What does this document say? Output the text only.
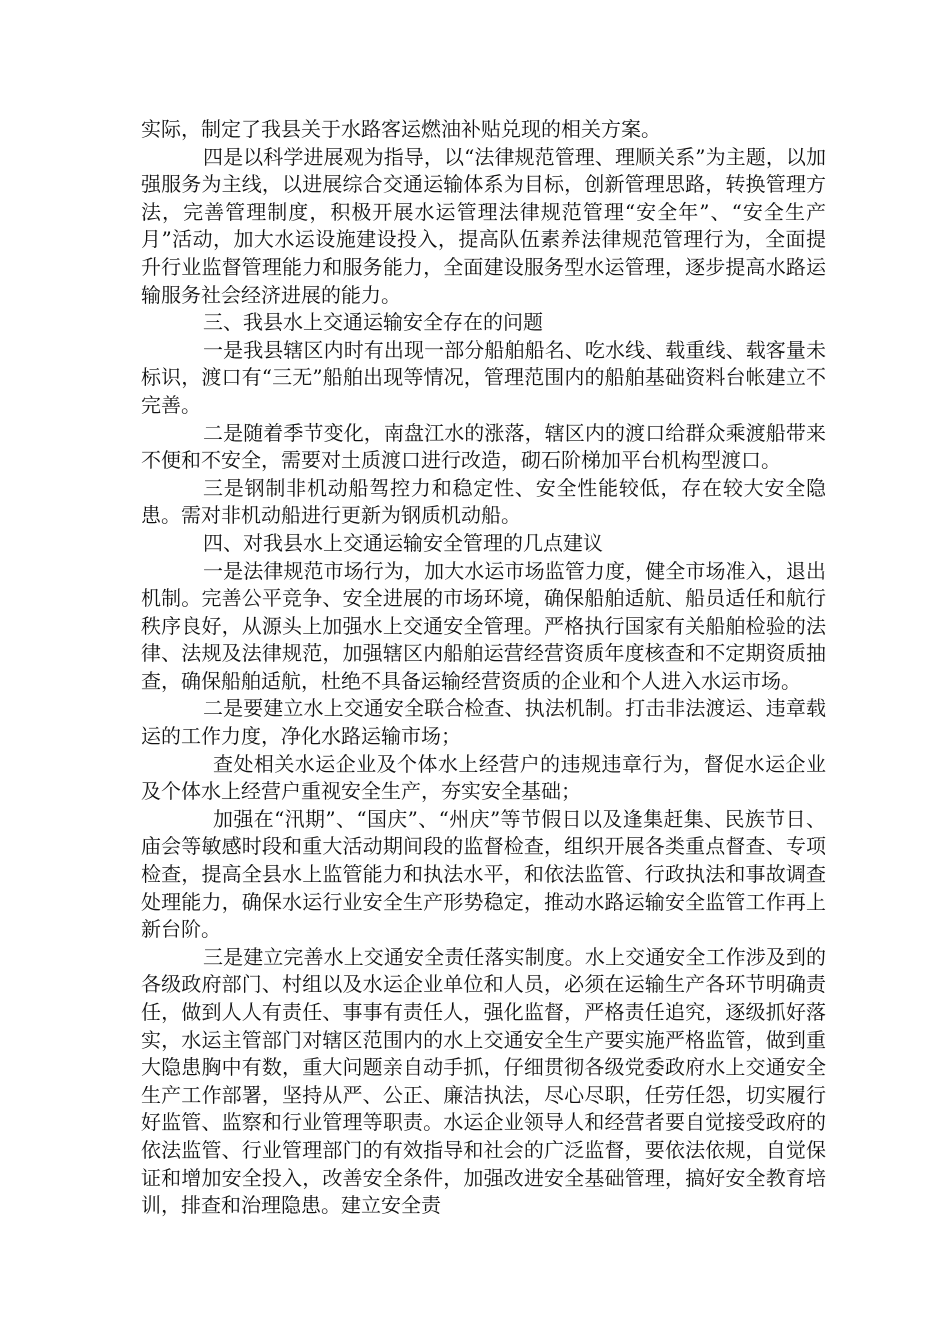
实际，制定了我县关于水路客运燃油补贴兑现的相关方案。

四是以科学进展观为指导，以“法律规范管理、理顺关系”为主题，以加强服务为主线，以进展综合交通运输体系为目标，创新管理思路，转换管理方法，完善管理制度，积极开展水运管理法律规范管理“安全年”、“安全生产月”活动，加大水运设施建设投入，提高队伍素养法律规范管理行为，全面提升行业监督管理能力和服务能力，全面建设服务型水运管理，逐步提高水路运输服务社会经济进展的能力。

三、我县水上交通运输安全存在的问题

一是我县辖区内时有出现一部分船舶船名、吃水线、载重线、载客量未标识，渡口有“三无”船舶出现等情况，管理范围内的船舶基础资料台帐建立不完善。

二是随着季节变化，南盘江水的涨落，辖区内的渡口给群众乘渡船带来不便和不安全，需要对土质渡口进行改造，砌石阶梯加平台机构型渡口。

三是钢制非机动船驾控力和稳定性、安全性能较低，存在较大安全隐患。需对非机动船进行更新为钢质机动船。

四、对我县水上交通运输安全管理的几点建议

一是法律规范市场行为，加大水运市场监管力度，健全市场准入，退出机制。完善公平竞争、安全进展的市场环境，确保船舶适航、船员适任和航行秩序良好，从源头上加强水上交通安全管理。严格执行国家有关船舶检验的法律、法规及法律规范，加强辖区内船舶运营经营资质年度核查和不定期资质抽查，确保船舶适航，杜绝不具备运输经营资质的企业和个人进入水运市场。

二是要建立水上交通安全联合检查、执法机制。打击非法渡运、违章载运的工作力度，净化水路运输市场；

查处相关水运企业及个体水上经营户的违规违章行为，督促水运企业及个体水上经营户重视安全生产，夯实安全基础；

加强在“汛期”、“国庆”、“州庆”等节假日以及逢集赶集、民族节日、庙会等敏感时段和重大活动期间段的监督检查，组织开展各类重点督查、专项检查，提高全县水上监管能力和执法水平，和依法监管、行政执法和事故调查处理能力，确保水运行业安全生产形势稳定，推动水路运输安全监管工作再上新台阶。

三是建立完善水上交通安全责任落实制度。水上交通安全工作涉及到的各级政府部门、村组以及水运企业单位和人员，必须在运输生产各环节明确责任，做到人人有责任、事事有责任人，强化监督，严格责任追究，逐级抓好落实，水运主管部门对辖区范围内的水上交通安全生产要实施严格监管，做到重大隐患胸中有数，重大问题亲自动手抓，仔细贯彻各级党委政府水上交通安全生产工作部署，坚持从严、公正、廉洁执法，尽心尽职，任劳任怨，切实履行好监管、监察和行业管理等职责。水运企业领导人和经营者要自觉接受政府的依法监管、行业管理部门的有效指导和社会的广泛监督，要依法依规，自觉保证和增加安全投入，改善安全条件，加强改进安全基础管理，搞好安全教育培训，排查和治理隐患。建立安全责
